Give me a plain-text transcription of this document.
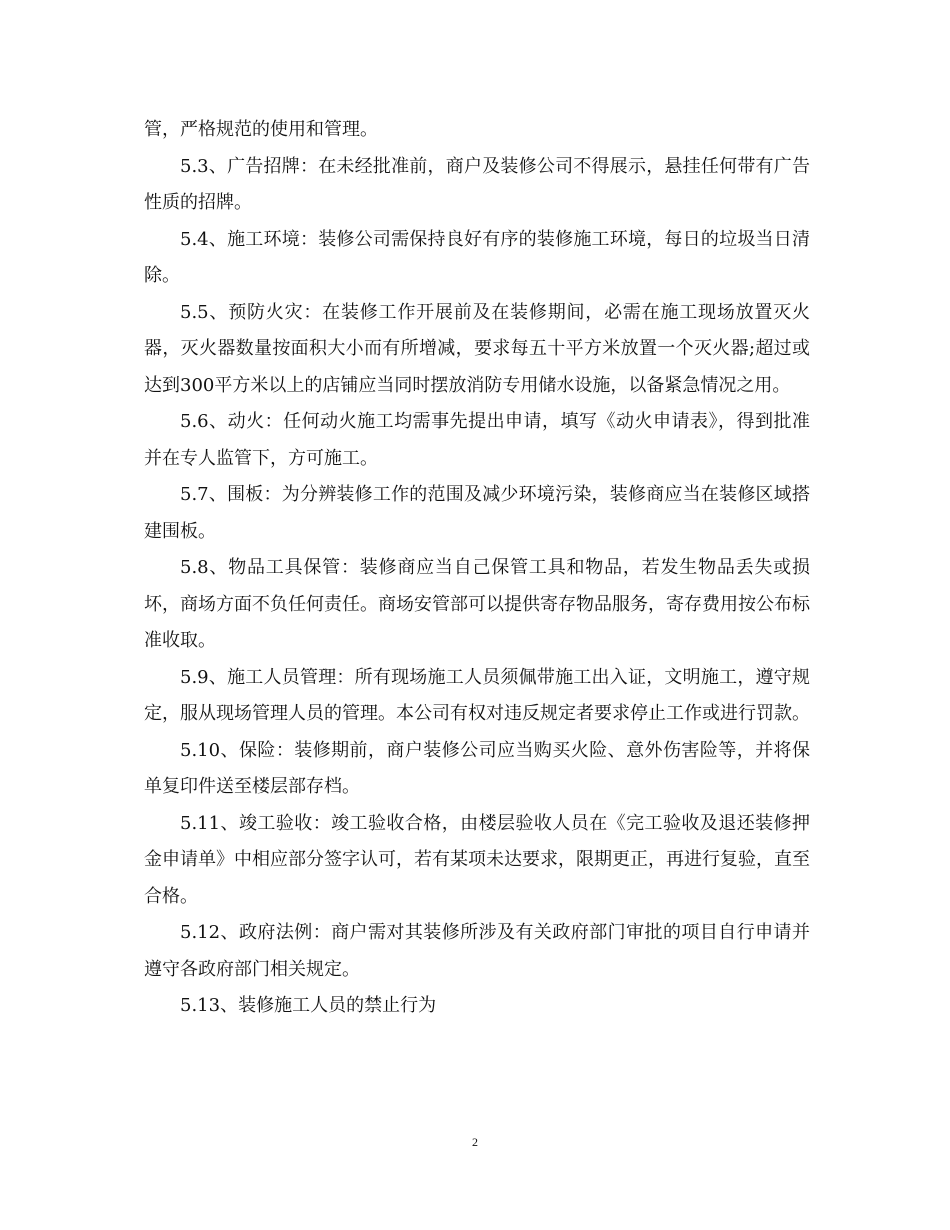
管，严格规范的使用和管理。

5.3、广告招牌：在未经批准前，商户及装修公司不得展示，悬挂任何带有广告性质的招牌。

5.4、施工环境：装修公司需保持良好有序的装修施工环境，每日的垃圾当日清除。

5.5、预防火灾：在装修工作开展前及在装修期间，必需在施工现场放置灭火器，灭火器数量按面积大小而有所增减，要求每五十平方米放置一个灭火器;超过或达到300平方米以上的店铺应当同时摆放消防专用储水设施，以备紧急情况之用。

5.6、动火：任何动火施工均需事先提出申请，填写《动火申请表》，得到批准并在专人监管下，方可施工。

5.7、围板：为分辨装修工作的范围及减少环境污染，装修商应当在装修区域搭建围板。

5.8、物品工具保管：装修商应当自己保管工具和物品，若发生物品丢失或损坏，商场方面不负任何责任。商场安管部可以提供寄存物品服务，寄存费用按公布标准收取。

5.9、施工人员管理：所有现场施工人员须佩带施工出入证，文明施工，遵守规定，服从现场管理人员的管理。本公司有权对违反规定者要求停止工作或进行罚款。

5.10、保险：装修期前，商户装修公司应当购买火险、意外伤害险等，并将保单复印件送至楼层部存档。

5.11、竣工验收：竣工验收合格，由楼层验收人员在《完工验收及退还装修押金申请单》中相应部分签字认可，若有某项未达要求，限期更正，再进行复验，直至合格。

5.12、政府法例：商户需对其装修所涉及有关政府部门审批的项目自行申请并遵守各政府部门相关规定。

5.13、装修施工人员的禁止行为

2
